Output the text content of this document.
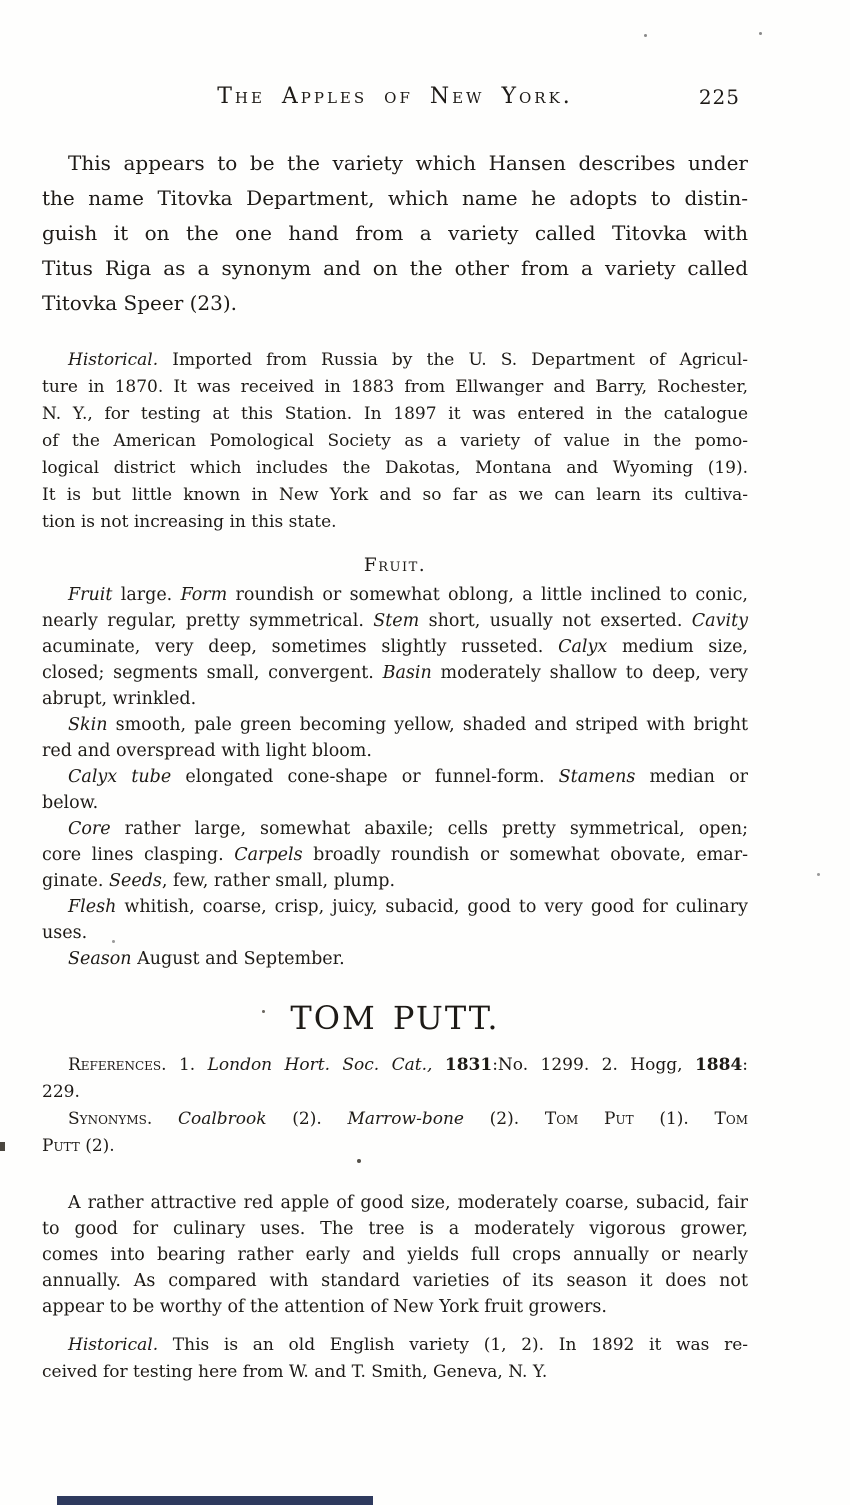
The Apples of New York.	225
This appears to be the variety which Hansen describes under
the name Titovka Department, which name he adopts to distin-
guish it on the one hand from a variety called Titovka with
Titus Riga as a synonym and on the other from a variety called
Titovka Speer (23).
Historical. Imported from Russia by the U. S. Department of Agricul-
ture in 1870. It was received in 1883 from Ellwanger and Barry, Rochester,
N. Y., for testing at this Station. In 1897 it was entered in the catalogue
of the American Pomological Society as a variety of value in the pomo-
logical district which includes the Dakotas, Montana and Wyoming (19).
It is but little known in New York and so far as we can learn its cultiva-
tion is not increasing in this state.
Fruit.
Fruit large. Form roundish or somewhat oblong, a little inclined to conic,
nearly regular, pretty symmetrical. Stem short, usually not exserted. Cavity
acuminate, very deep, sometimes slightly russeted. Calyx medium size,
closed; segments small, convergent. Basin moderately shallow to deep, very
abrupt, wrinkled.
Skin smooth, pale green becoming yellow, shaded and striped with bright
red and overspread with light bloom.
Calyx tube elongated cone-shape or funnel-form. Stamens median or
below.
Core rather large, somewhat abaxile; cells pretty symmetrical, open;
core lines clasping. Carpels broadly roundish or somewhat obovate, emar-
ginate. Seeds, few, rather small, plump.
Flesh whitish, coarse, crisp, juicy, subacid, good to very good for culinary
uses.
Season August and September.
TOM PUTT.
References. 1. London Hort. Soc. Cat., 1831:No. 1299. 2. Hogg, 1884:
229.
Synonyms. Coalbrook (2). Marrow-bone (2). Tom Put (1). Tom
Putt (2).
A rather attractive red apple of good size, moderately coarse, subacid, fair
to good for culinary uses. The tree is a moderately vigorous grower,
comes into bearing rather early and yields full crops annually or nearly
annually. As compared with standard varieties of its season it does not
appear to be worthy of the attention of New York fruit growers.
Historical. This is an old English variety (1, 2). In 1892 it was re-
ceived for testing here from W. and T. Smith, Geneva, N. Y.
